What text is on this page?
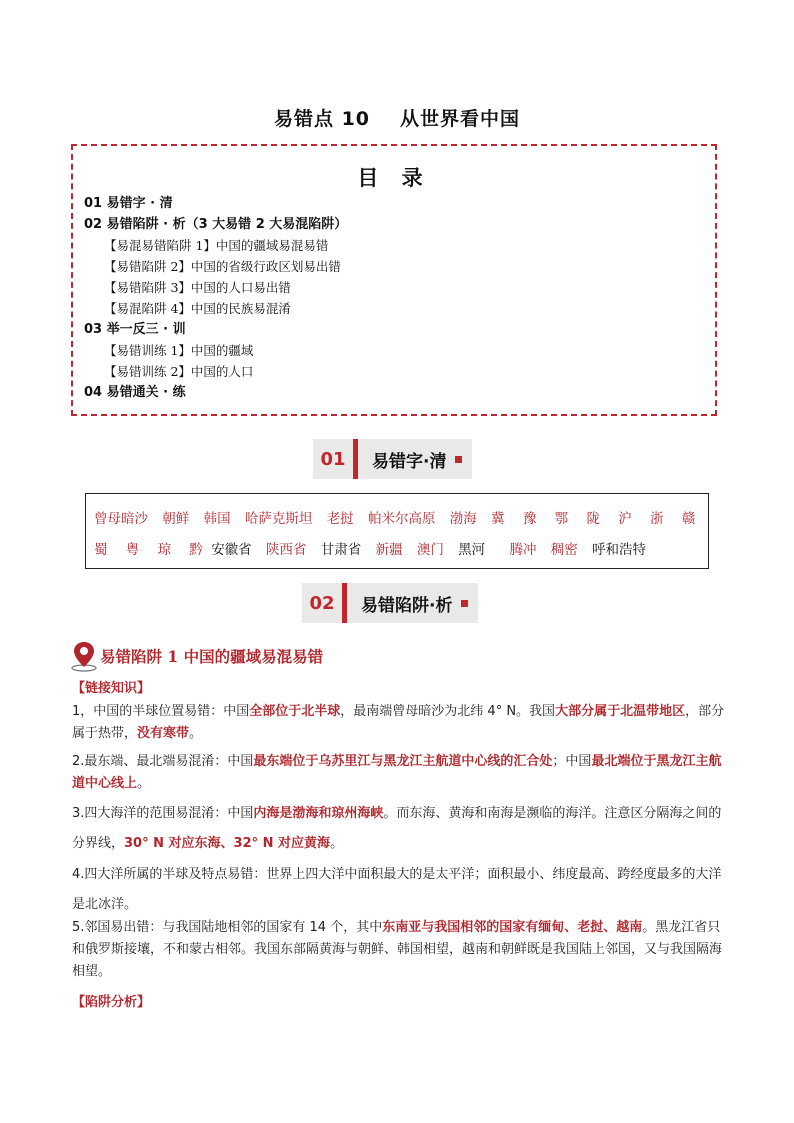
易错点 10 从世界看中国
目 录
01 易错字 · 清
02 易错陷阱 · 析（3 大易错 2 大易混陷阱）
【易混易错陷阱 1】中国的疆域易混易错
【易错陷阱 2】中国的省级行政区划易出错
【易错陷阱 3】中国的人口易出错
【易混陷阱 4】中国的民族易混淆
03 举一反三 · 训
【易错训练 1】中国的疆域
【易错训练 2】中国的人口
04 易错通关 · 练
01	易错字·清
曾母暗沙 朝鲜 韩国 哈萨克斯坦 老挝 帕米尔高原 渤海 冀 豫 鄂 陇 沪 浙 赣
蜀 粤 琼 黔 安徽省 陕西省 甘肃省 新疆 澳门 黑河 腾冲 稠密 呼和浩特
02	易错陷阱·析
易错陷阱 1 中国的疆域易混易错
【链接知识】
1，中国的半球位置易错：中国全部位于北半球，最南端曾母暗沙为北纬 4° N。我国大部分属于北温带地区，部分属于热带，没有寒带。
2.最东端、最北端易混淆：中国最东端位于乌苏里江与黑龙江主航道中心线的汇合处；中国最北端位于黑龙江主航道中心线上。
3.四大海洋的范围易混淆：中国内海是渤海和琼州海峡。而东海、黄海和南海是濒临的海洋。注意区分隔海之间的分界线，30° N 对应东海、32° N 对应黄海。
4.四大洋所属的半球及特点易错：世界上四大洋中面积最大的是太平洋；面积最小、纬度最高、跨经度最多的大洋是北冰洋。
5.邻国易出错：与我国陆地相邻的国家有 14 个，其中东南亚与我国相邻的国家有缅甸、老挝、越南。黑龙江省只和俄罗斯接壤，不和蒙古相邻。我国东部隔黄海与朝鲜、韩国相望，越南和朝鲜既是我国陆上邻国，又与我国隔海相望。
【陷阱分析】
